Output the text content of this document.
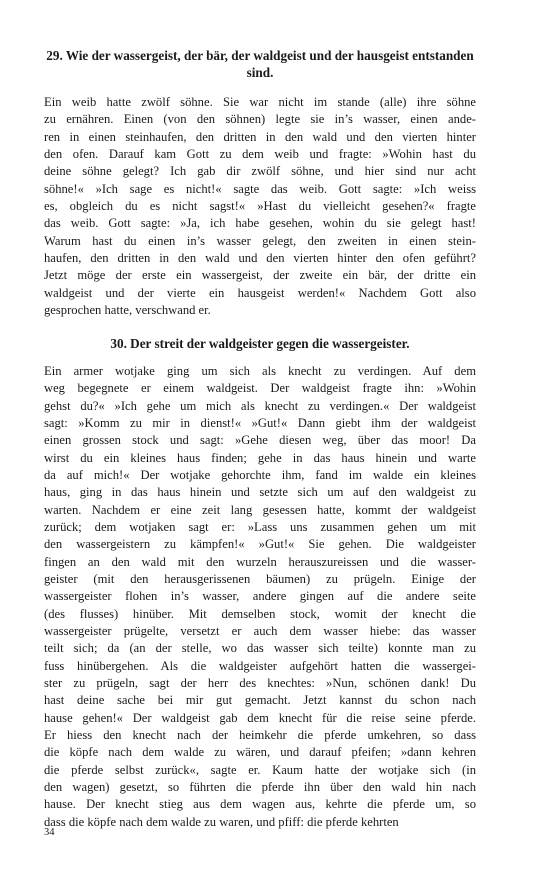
29. Wie der wassergeist, der bär, der waldgeist und der hausgeist entstanden sind.
Ein weib hatte zwölf söhne. Sie war nicht im stande (alle) ihre söhne
zu ernähren. Einen (von den söhnen) legte sie in’s wasser, einen ande-
ren in einen steinhaufen, den dritten in den wald und den vierten hinter
den ofen. Darauf kam Gott zu dem weib und fragte: »Wohin hast du
deine söhne gelegt? Ich gab dir zwölf söhne, und hier sind nur acht
söhne!« »Ich sage es nicht!« sagte das weib. Gott sagte: »Ich weiss
es, obgleich du es nicht sagst!« »Hast du vielleicht gesehen?« fragte
das weib. Gott sagte: »Ja, ich habe gesehen, wohin du sie gelegt hast!
Warum hast du einen in’s wasser gelegt, den zweiten in einen stein-
haufen, den dritten in den wald und den vierten hinter den ofen geführt?
Jetzt möge der erste ein wassergeist, der zweite ein bär, der dritte ein
waldgeist und der vierte ein hausgeist werden!« Nachdem Gott also
gesprochen hatte, verschwand er.
30. Der streit der waldgeister gegen die wassergeister.
Ein armer wotjake ging um sich als knecht zu verdingen. Auf dem
weg begegnete er einem waldgeist. Der waldgeist fragte ihn: »Wohin
gehst du?« »Ich gehe um mich als knecht zu verdingen.« Der waldgeist
sagt: »Komm zu mir in dienst!« »Gut!« Dann giebt ihm der waldgeist
einen grossen stock und sagt: »Gehe diesen weg, über das moor! Da
wirst du ein kleines haus finden; gehe in das haus hinein und warte
da auf mich!« Der wotjake gehorchte ihm, fand im walde ein kleines
haus, ging in das haus hinein und setzte sich um auf den waldgeist zu
warten. Nachdem er eine zeit lang gesessen hatte, kommt der waldgeist
zurück; dem wotjaken sagt er: »Lass uns zusammen gehen um mit
den wassergeistern zu kämpfen!« »Gut!« Sie gehen. Die waldgeister
fingen an den wald mit den wurzeln herauszureissen und die wasser-
geister (mit den herausgerissenen bäumen) zu prügeln. Einige der
wassergeister flohen in’s wasser, andere gingen auf die andere seite
(des flusses) hinüber. Mit demselben stock, womit der knecht die
wassergeister prügelte, versetzt er auch dem wasser hiebe: das wasser
teilt sich; da (an der stelle, wo das wasser sich teilte) konnte man zu
fuss hinübergehen. Als die waldgeister aufgehört hatten die wassergei-
ster zu prügeln, sagt der herr des knechtes: »Nun, schönen dank! Du
hast deine sache bei mir gut gemacht. Jetzt kannst du schon nach
hause gehen!« Der waldgeist gab dem knecht für die reise seine pferde.
Er hiess den knecht nach der heimkehr die pferde umkehren, so dass
die köpfe nach dem walde zu wären, und darauf pfeifen; »dann kehren
die pferde selbst zurück«, sagte er. Kaum hatte der wotjake sich (in
den wagen) gesetzt, so führten die pferde ihn über den wald hin nach
hause. Der knecht stieg aus dem wagen aus, kehrte die pferde um, so
dass die köpfe nach dem walde zu waren, und pfiff: die pferde kehrten
34
